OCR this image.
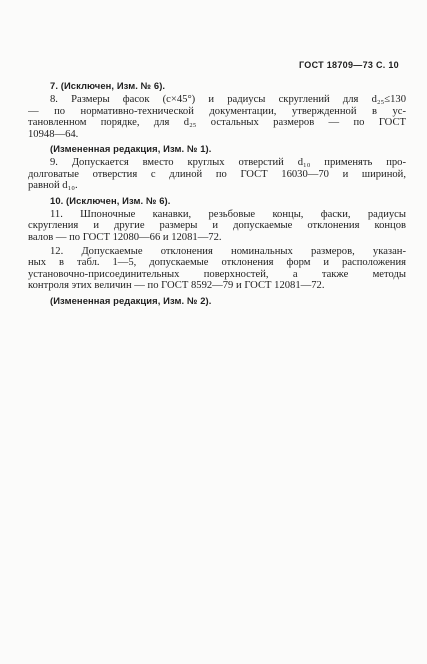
ГОСТ 18709—73 С. 10
7. (Исключен, Изм. № 6).
8. Размеры фасок (c×45°) и радиусы скруглений для d₂₅≤130
— по нормативно-технической документации, утвержденной в ус-
тановленном порядке, для d₂₅ остальных размеров — по ГОСТ
10948—64.
(Измененная редакция, Изм. № 1).
9. Допускается вместо круглых отверстий d₁₀ применять про-
долговатые отверстия с длиной по ГОСТ 16030—70 и шириной,
равной d₁₀.
10. (Исключен, Изм. № 6).
11. Шпоночные канавки, резьбовые концы, фаски, радиусы
скругления и другие размеры и допускаемые отклонения концов
валов — по ГОСТ 12080—66 и 12081—72.
12. Допускаемые отклонения номинальных размеров, указан-
ных в табл. 1—5, допускаемые отклонения форм и расположения
установочно-присоединительных поверхностей, а также методы
контроля этих величин — по ГОСТ 8592—79 и ГОСТ 12081—72.
(Измененная редакция, Изм. № 2).
